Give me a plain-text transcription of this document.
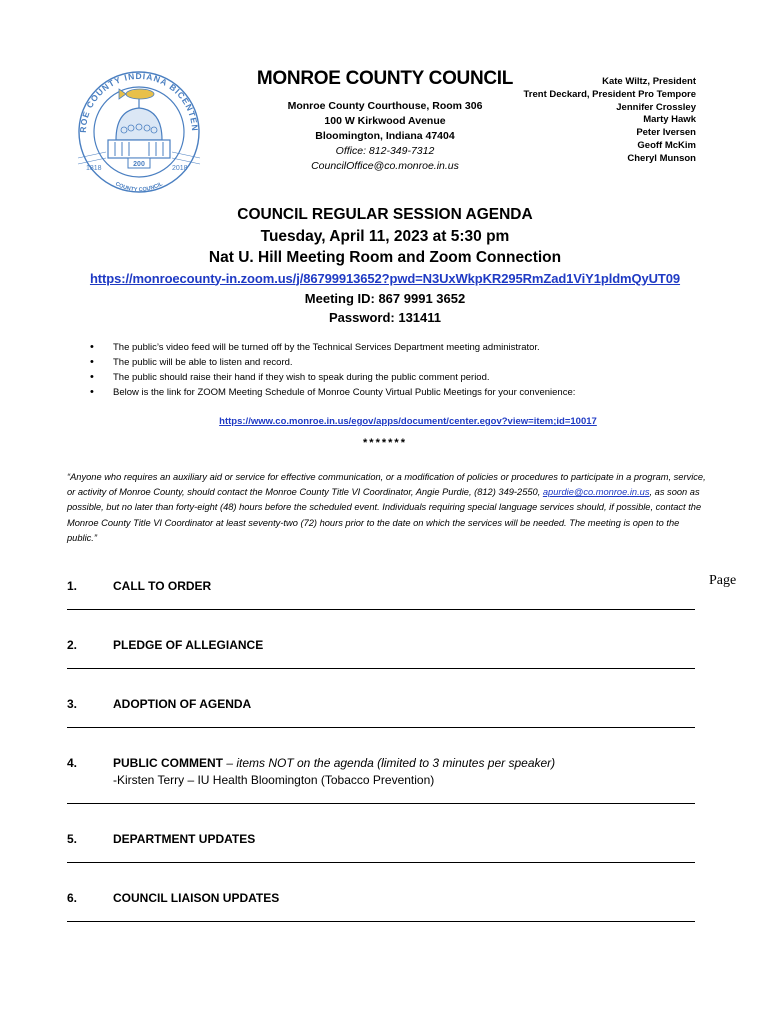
ROE COUNTY INDIANA BICENTEN
COUNTY COUNCIL
200
1818	2018
MONROE COUNTY COUNCIL
Monroe County Courthouse, Room 306
100 W Kirkwood Avenue
Bloomington, Indiana 47404
Office: 812-349-7312
CouncilOffice@co.monroe.in.us
Kate Wiltz, President
Trent Deckard, President Pro Tempore
Jennifer Crossley
Marty Hawk
Peter Iversen
Geoff McKim
Cheryl Munson
COUNCIL REGULAR SESSION AGENDA
Tuesday, April 11, 2023 at 5:30 pm
Nat U. Hill Meeting Room and Zoom Connection
https://monroecounty-in.zoom.us/j/86799913652?pwd=N3UxWkpKR295RmZad1ViY1pldmQyUT09
Meeting ID: 867 9991 3652
Password: 131411
• The public’s video feed will be turned off by the Technical Services Department meeting administrator.
• The public will be able to listen and record.
• The public should raise their hand if they wish to speak during the public comment period.
• Below is the link for ZOOM Meeting Schedule of Monroe County Virtual Public Meetings for your convenience:
https://www.co.monroe.in.us/egov/apps/document/center.egov?view=item;id=10017
*******
“Anyone who requires an auxiliary aid or service for effective communication, or a modification of policies or procedures to participate in a program, service, or activity of Monroe County, should contact the Monroe County Title VI Coordinator, Angie Purdie, (812) 349-2550, apurdie@co.monroe.in.us, as soon as possible, but no later than forty-eight (48) hours before the scheduled event. Individuals requiring special language services should, if possible, contact the Monroe County Title VI Coordinator at least seventy-two (72) hours prior to the date on which the services will be needed. The meeting is open to the public.”
Page
1.	CALL TO ORDER
2.	PLEDGE OF ALLEGIANCE
3.	ADOPTION OF AGENDA
4.	PUBLIC COMMENT – items NOT on the agenda (limited to 3 minutes per speaker)
-Kirsten Terry – IU Health Bloomington (Tobacco Prevention)
5.	DEPARTMENT UPDATES
6.	COUNCIL LIAISON UPDATES
